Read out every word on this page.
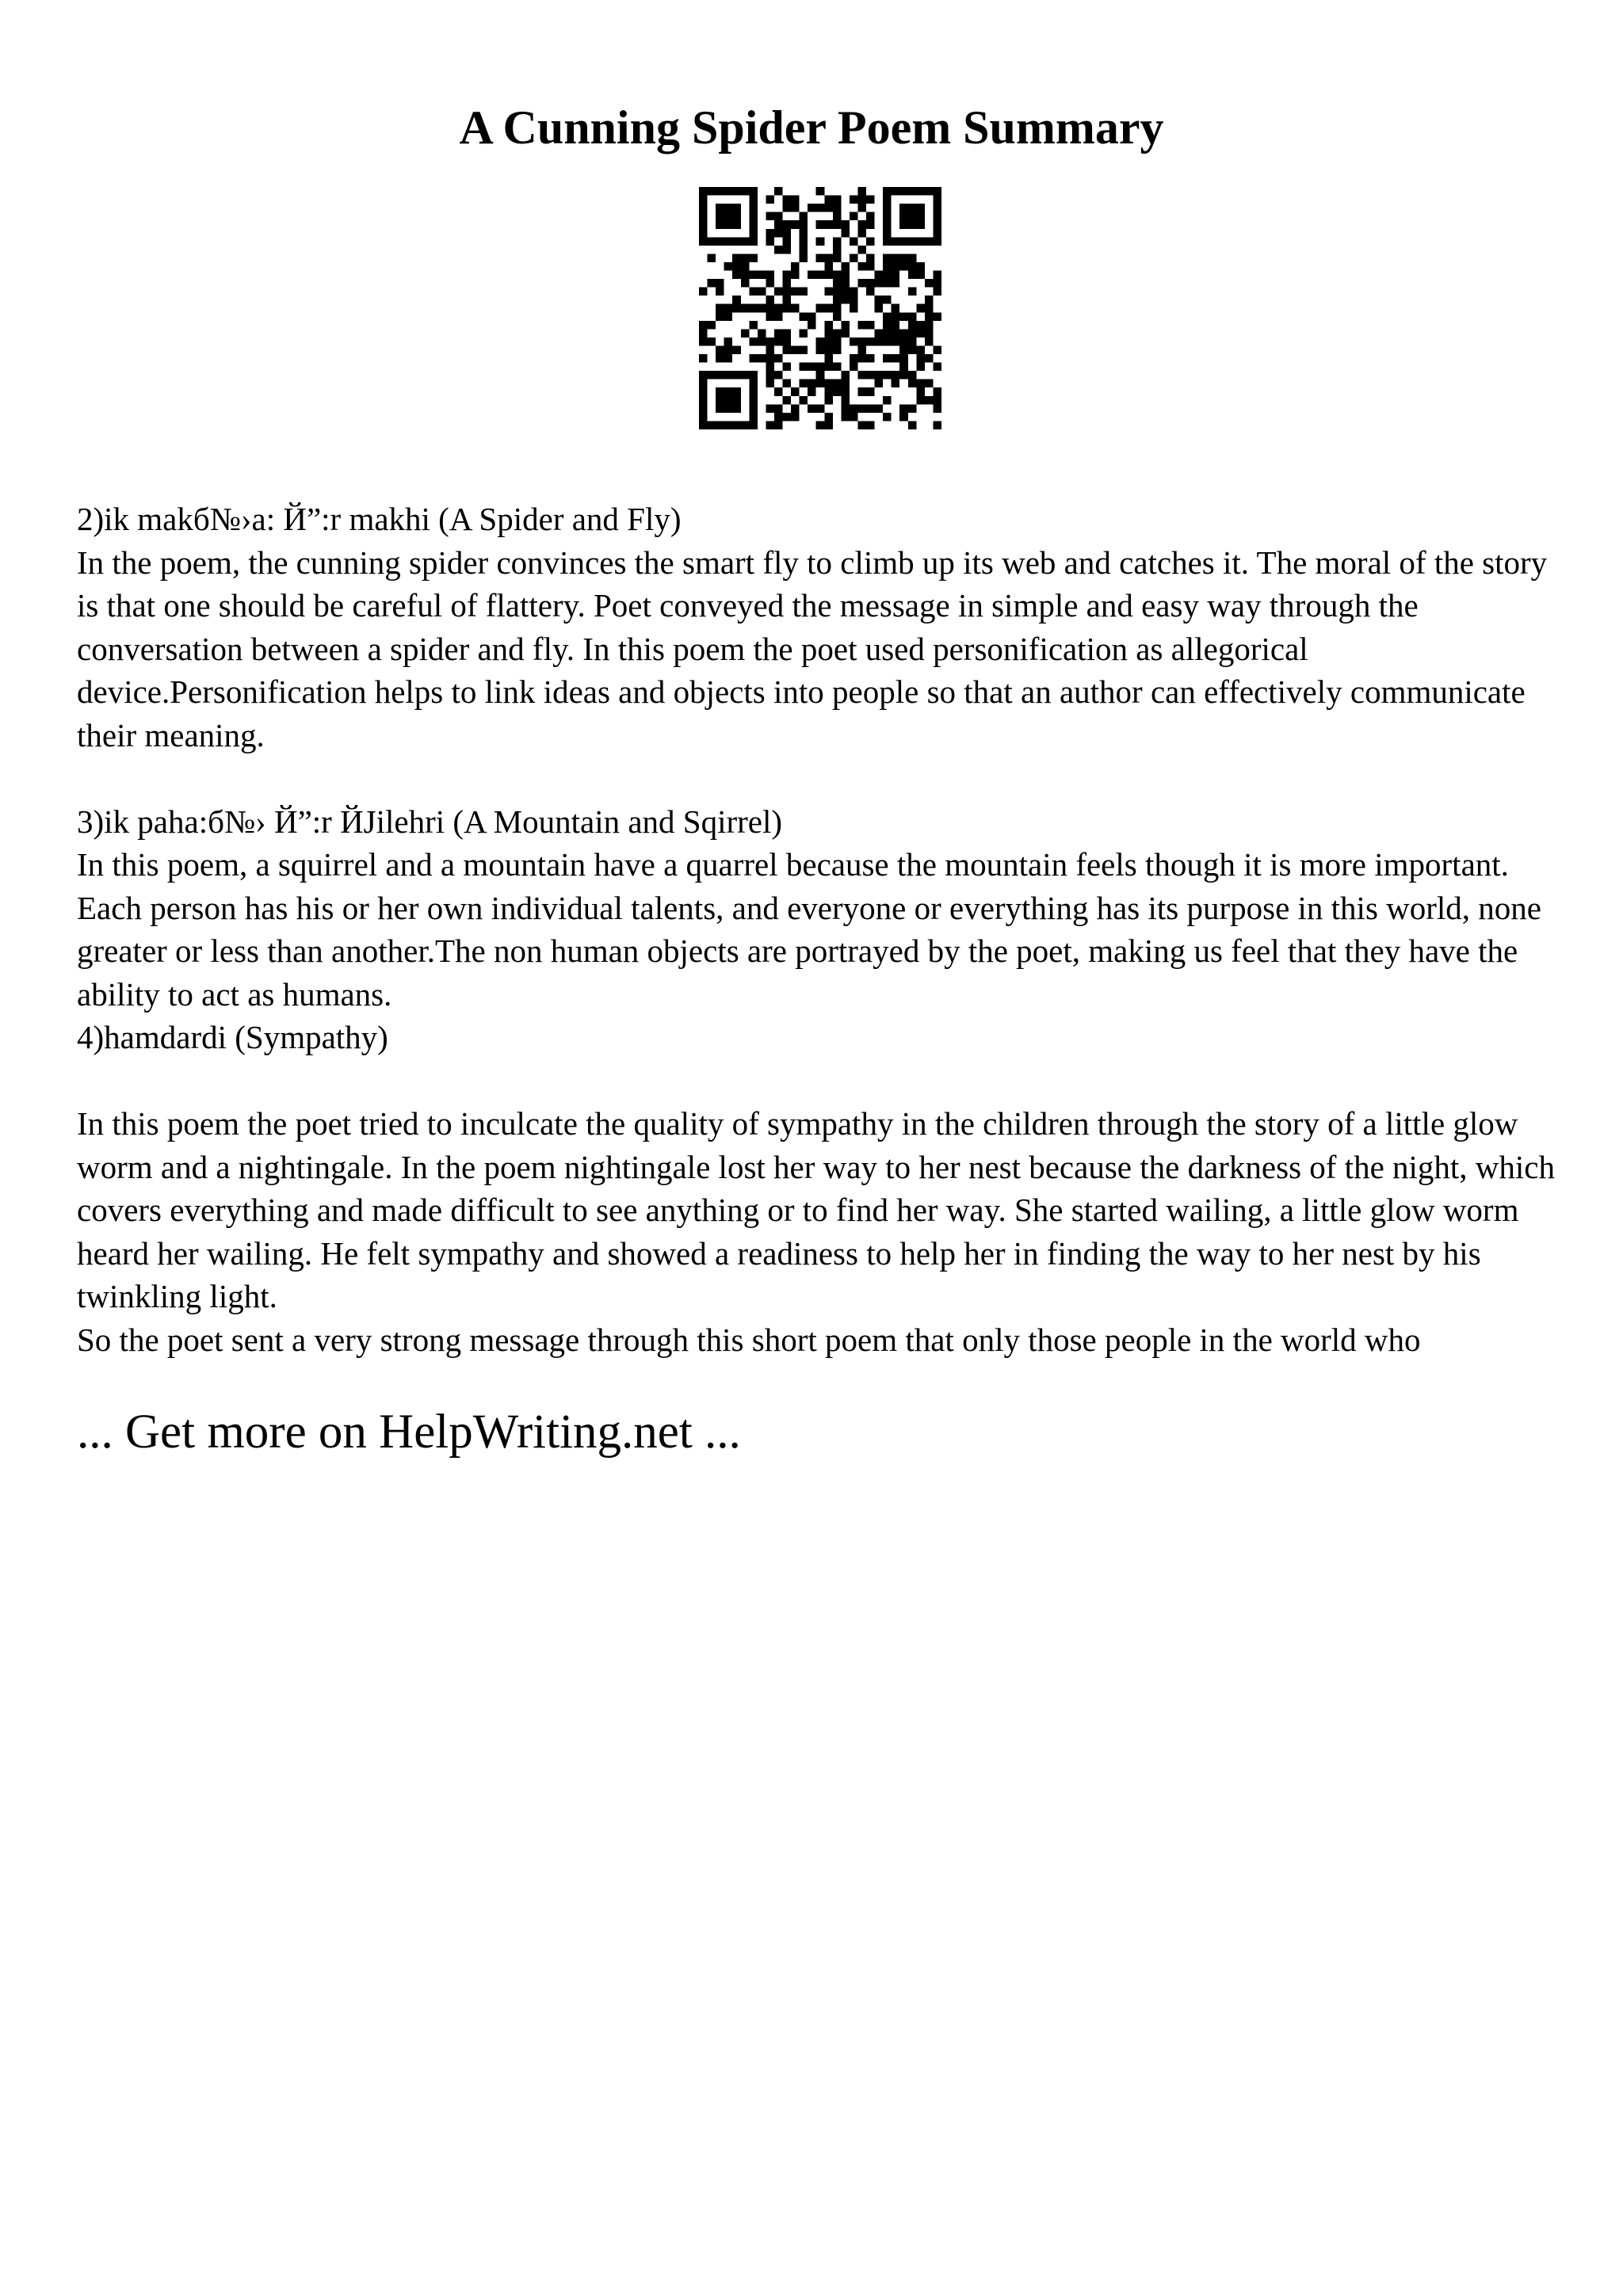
A Cunning Spider Poem Summary

2)ik makб№›a: Й”:r makhi (A Spider and Fly)

In the poem, the cunning spider convinces the smart fly to climb up its web and catches it. The moral of the story is that one should be careful of flattery. Poet conveyed the message in simple and easy way through the conversation between a spider and fly. In this poem the poet used personification as allegorical device.Personification helps to link ideas and objects into people so that an author can effectively communicate their meaning.

3)ik paha:б№› Й”:r ЙJilehri (A Mountain and Sqirrel)

In this poem, a squirrel and a mountain have a quarrel because the mountain feels though it is more important. Each person has his or her own individual talents, and everyone or everything has its purpose in this world, none greater or less than another.The non human objects are portrayed by the poet, making us feel that they have the ability to act as humans.

4)hamdardi (Sympathy)

In this poem the poet tried to inculcate the quality of sympathy in the children through the story of a little glow worm and a nightingale. In the poem nightingale lost her way to her nest because the darkness of the night, which covers everything and made difficult to see anything or to find her way. She started wailing, a little glow worm heard her wailing. He felt sympathy and showed a readiness to help her in finding the way to her nest by his twinkling light.

So the poet sent a very strong message through this short poem that only those people in the world who

... Get more on HelpWriting.net ...
